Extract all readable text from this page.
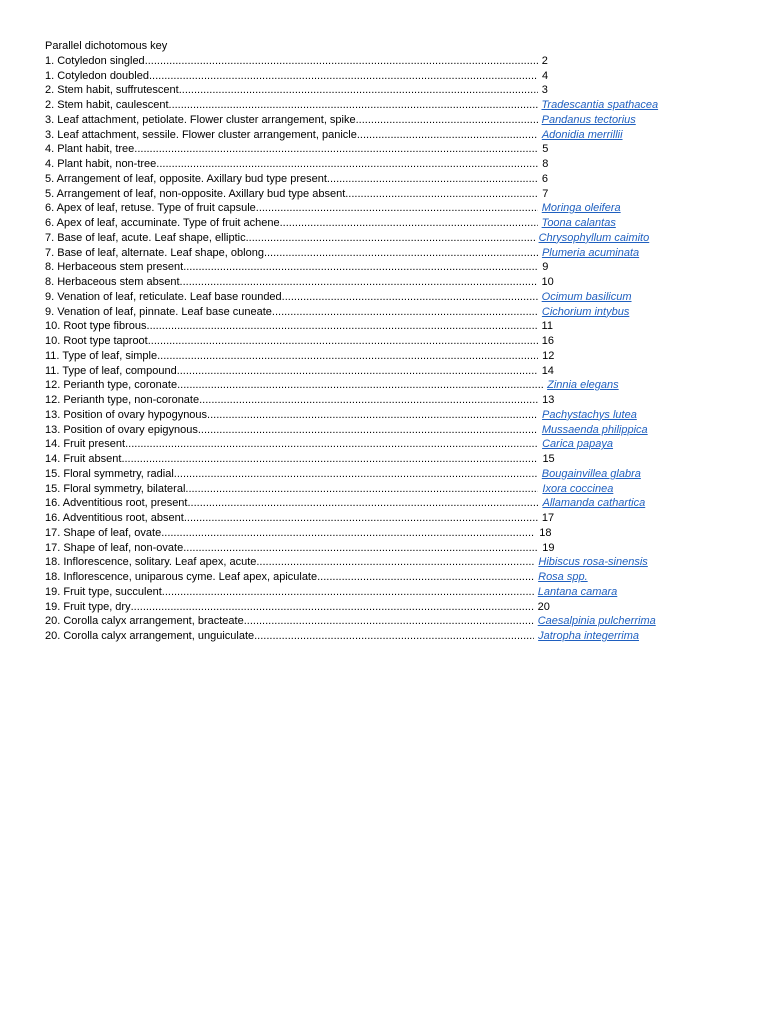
Parallel dichotomous key
1. Cotyledon singled .....	2
1. Cotyledon doubled .....	4
2. Stem habit, suffrutescent .....	3
2. Stem habit, caulescent .....	Tradescantia spathacea
3. Leaf attachment, petiolate. Flower cluster arrangement, spike .....	Pandanus tectorius
3. Leaf attachment, sessile. Flower cluster arrangement, panicle .....	Adonidia merrillii
4. Plant habit, tree .....	5
4. Plant habit, non-tree .....	8
5. Arrangement of leaf, opposite. Axillary bud type present .....	6
5. Arrangement of leaf, non-opposite. Axillary bud type absent .....	7
6. Apex of leaf, retuse. Type of fruit capsule .....	Moringa oleifera
6. Apex of leaf, accuminate. Type of fruit achene .....	Toona calantas
7. Base of leaf, acute. Leaf shape, elliptic .....	Chrysophyllum caimito
7. Base of leaf, alternate. Leaf shape, oblong .....	Plumeria acuminata
8. Herbaceous stem present .....	9
8. Herbaceous stem absent .....	10
9. Venation of leaf, reticulate. Leaf base rounded .....	Ocimum basilicum
9. Venation of leaf, pinnate. Leaf base cuneate .....	Cichorium intybus
10. Root type fibrous .....	11
10. Root type taproot .....	16
11. Type of leaf, simple .....	12
11. Type of leaf, compound .....	14
12. Perianth type, coronate .....	Zinnia elegans
12. Perianth type, non-coronate .....	13
13. Position of ovary hypogynous .....	Pachystachys lutea
13. Position of ovary epigynous .....	Mussaenda philippica
14. Fruit present .....	Carica papaya
14. Fruit absent .....	15
15. Floral symmetry, radial .....	Bougainvillea glabra
15. Floral symmetry, bilateral .....	Ixora coccinea
16. Adventitious root, present .....	Allamanda cathartica
16. Adventitious root, absent .....	17
17. Shape of leaf, ovate .....	18
17. Shape of leaf, non-ovate .....	19
18. Inflorescence, solitary. Leaf apex, acute .....	Hibiscus rosa-sinensis
18. Inflorescence, uniparous cyme. Leaf apex, apiculate .....	Rosa spp.
19. Fruit type, succulent .....	Lantana camara
19. Fruit type, dry .....	20
20. Corolla calyx arrangement, bracteate .....	Caesalpinia pulcherrima
20. Corolla calyx arrangement, unguiculate .....	Jatropha integerrima
